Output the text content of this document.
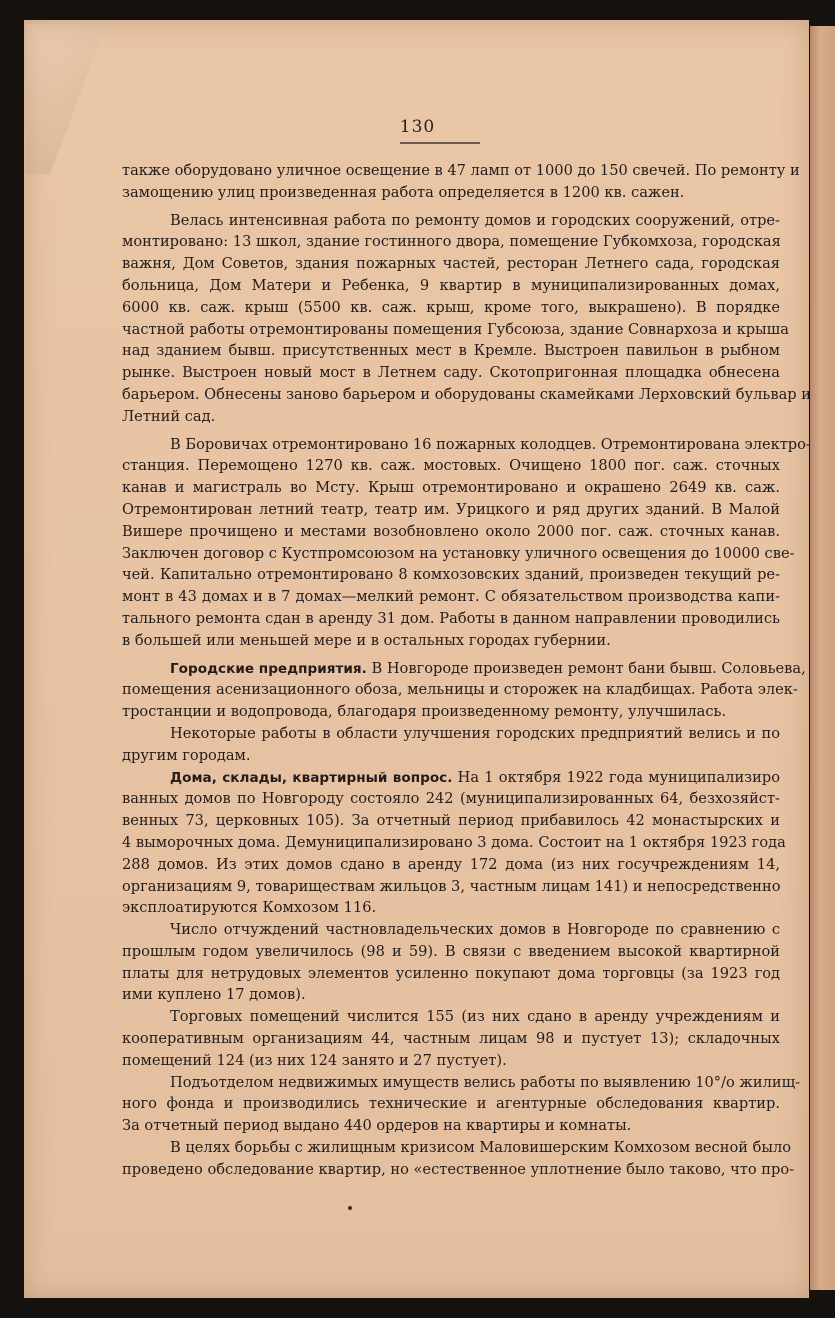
130
также оборудовано уличное освещение в 47 ламп от 1000 до 150 свечей. По ремонту и
замощению улиц произведенная работа определяется в 1200 кв. сажен.
Велась интенсивная работа по ремонту домов и городских сооружений, отре-
монтировано: 13 школ, здание гостинного двора, помещение Губкомхоза, городская
важня, Дом Советов, здания пожарных частей, ресторан Летнего сада, городская
больница, Дом Матери и Ребенка, 9 квартир в муниципализированных домах,
6000 кв. саж. крыш (5500 кв. саж. крыш, кроме того, выкрашено). В порядке
частной работы отремонтированы помещения Губсоюза, здание Совнархоза и крыша
над зданием бывш. присутственных мест в Кремле. Выстроен павильон в рыбном
рынке. Выстроен новый мост в Летнем саду. Скотопригонная площадка обнесена
барьером. Обнесены заново барьером и оборудованы скамейками Лерховский бульвар и
Летний сад.
В Боровичах отремонтировано 16 пожарных колодцев. Отремонтирована электро-
станция. Перемощено 1270 кв. саж. мостовых. Очищено 1800 пог. саж. сточных
канав и магистраль во Мсту. Крыш отремонтировано и окрашено 2649 кв. саж.
Отремонтирован летний театр, театр им. Урицкого и ряд других зданий. В Малой
Вишере прочищено и местами возобновлено около 2000 пог. саж. сточных канав.
Заключен договор с Кустпромсоюзом на установку уличного освещения до 10000 све-
чей. Капитально отремонтировано 8 комхозовских зданий, произведен текущий ре-
монт в 43 домах и в 7 домах—мелкий ремонт. С обязательством производства капи-
тального ремонта сдан в аренду 31 дом. Работы в данном направлении проводились
в большей или меньшей мере и в остальных городах губернии.
Городские предприятия. В Новгороде произведен ремонт бани бывш. Соловьева,
помещения асенизационного обоза, мельницы и сторожек на кладбищах. Работа элек-
тростанции и водопровода, благодаря произведенному ремонту, улучшилась.
Некоторые работы в области улучшения городских предприятий велись и по
другим городам.
Дома, склады, квартирный вопрос. На 1 октября 1922 года муниципализиро
ванных домов по Новгороду состояло 242 (муниципализированных 64, безхозяйст-
венных 73, церковных 105). За отчетный период прибавилось 42 монастырских и
4 выморочных дома. Демуниципализировано 3 дома. Состоит на 1 октября 1923 года
288 домов. Из этих домов сдано в аренду 172 дома (из них госучреждениям 14,
организациям 9, товариществам жильцов 3, частным лицам 141) и непосредственно
эксплоатируются Комхозом 116.
Число отчуждений частновладельческих домов в Новгороде по сравнению с
прошлым годом увеличилось (98 и 59). В связи с введением высокой квартирной
платы для нетрудовых элементов усиленно покупают дома торговцы (за 1923 год
ими куплено 17 домов).
Торговых помещений числится 155 (из них сдано в аренду учреждениям и
кооперативным организациям 44, частным лицам 98 и пустует 13); складочных
помещений 124 (из них 124 занято и 27 пустует).
Подъотделом недвижимых имуществ велись работы по выявлению 10°/о жилищ-
ного фонда и производились технические и агентурные обследования квартир.
За отчетный период выдано 440 ордеров на квартиры и комнаты.
В целях борьбы с жилищным кризисом Маловишерским Комхозом весной было
проведено обследование квартир, но «естественное уплотнение было таково, что про-
